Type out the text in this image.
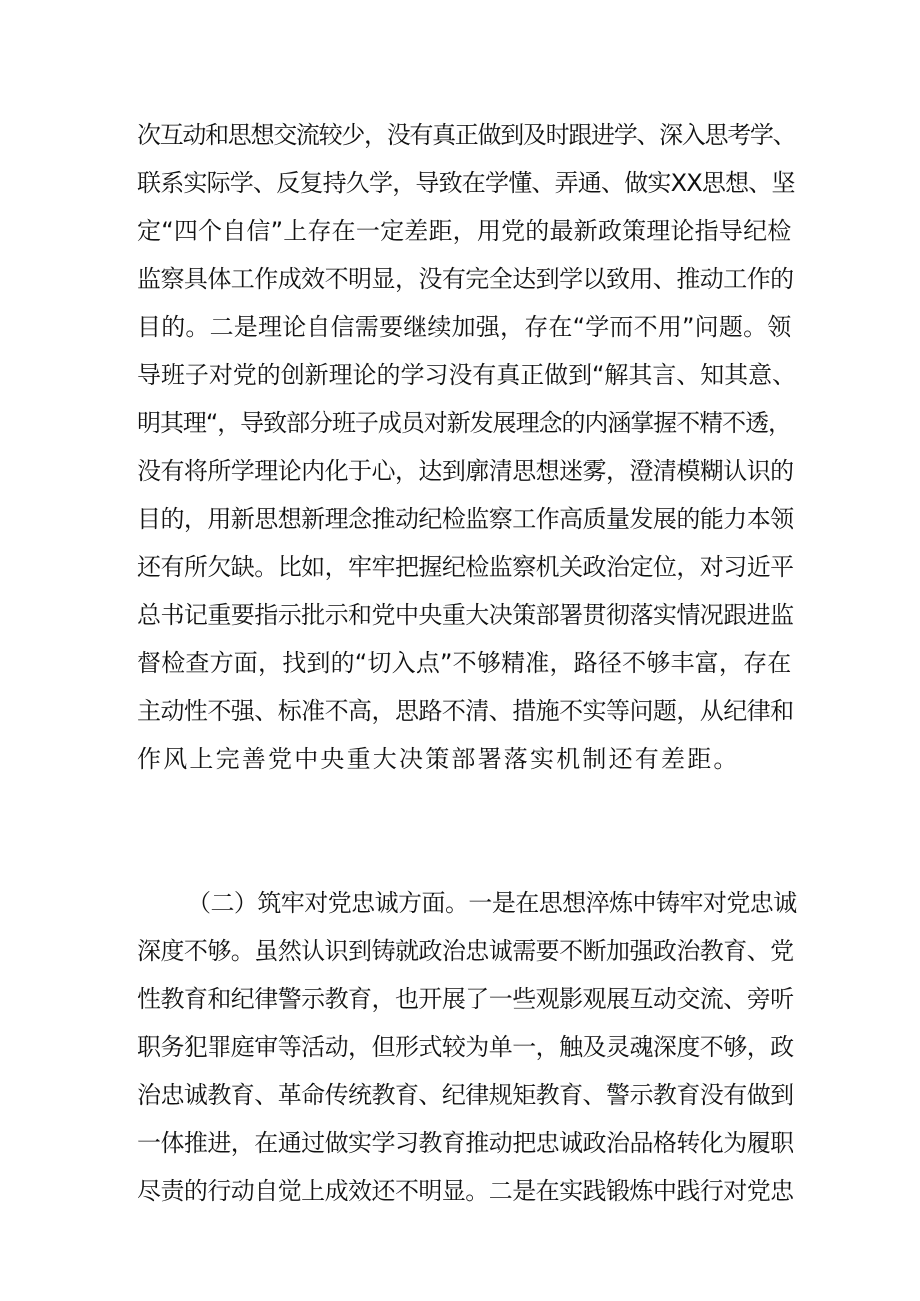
次互动和思想交流较少，没有真正做到及时跟进学、深入思考学、
联系实际学、反复持久学，导致在学懂、弄通、做实XX思想、坚
定“四个自信”上存在一定差距，用党的最新政策理论指导纪检
监察具体工作成效不明显，没有完全达到学以致用、推动工作的
目的。二是理论自信需要继续加强，存在“学而不用”问题。领
导班子对党的创新理论的学习没有真正做到“解其言、知其意、
明其理“，导致部分班子成员对新发展理念的内涵掌握不精不透，
没有将所学理论内化于心，达到廓清思想迷雾，澄清模糊认识的
目的，用新思想新理念推动纪检监察工作高质量发展的能力本领
还有所欠缺。比如，牢牢把握纪检监察机关政治定位，对习近平
总书记重要指示批示和党中央重大决策部署贯彻落实情况跟进监
督检查方面，找到的“切入点”不够精准，路径不够丰富，存在
主动性不强、标准不高，思路不清、措施不实等问题，从纪律和
作风上完善党中央重大决策部署落实机制还有差距。
（二）筑牢对党忠诚方面。一是在思想淬炼中铸牢对党忠诚
深度不够。虽然认识到铸就政治忠诚需要不断加强政治教育、党
性教育和纪律警示教育，也开展了一些观影观展互动交流、旁听
职务犯罪庭审等活动，但形式较为单一，触及灵魂深度不够，政
治忠诚教育、革命传统教育、纪律规矩教育、警示教育没有做到
一体推进，在通过做实学习教育推动把忠诚政治品格转化为履职
尽责的行动自觉上成效还不明显。二是在实践锻炼中践行对党忠
